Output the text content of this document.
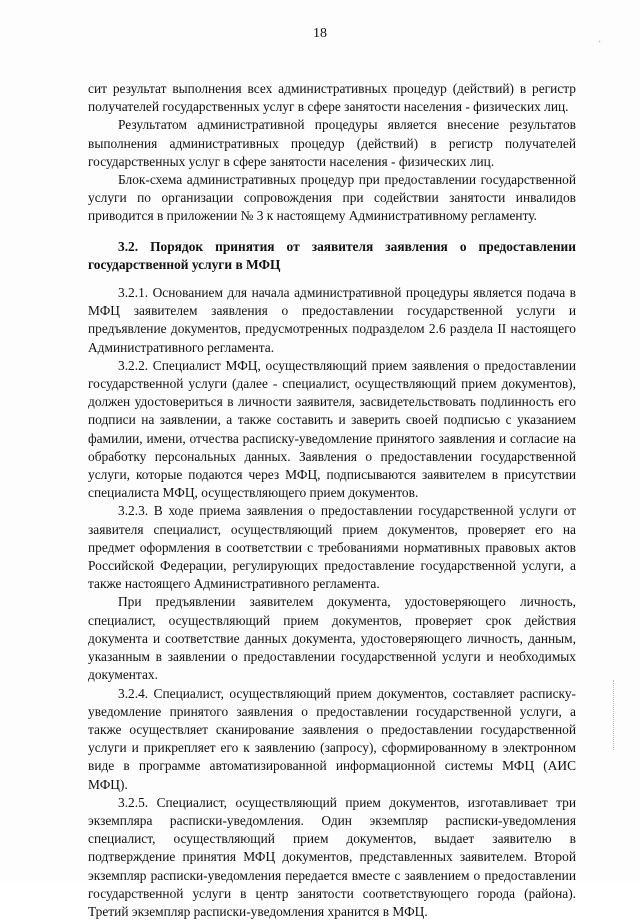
18
ʿ

сит результат выполнения всех административных процедур (действий) в регистр получателей государственных услуг в сфере занятости населения - физических лиц.

Результатом административной процедуры является внесение результатов выполнения административных процедур (действий) в регистр получателей государственных услуг в сфере занятости населения - физических лиц.

Блок-схема административных процедур при предоставлении государственной услуги по организации сопровождения при содействии занятости инвалидов приводится в приложении № 3 к настоящему Административному регламенту.

3.2. Порядок принятия от заявителя заявления о предоставлении государственной услуги в МФЦ

3.2.1. Основанием для начала административной процедуры является подача в МФЦ заявителем заявления о предоставлении государственной услуги и предъявление документов, предусмотренных подразделом 2.6 раздела II настоящего Административного регламента.

3.2.2. Специалист МФЦ, осуществляющий прием заявления о предоставлении государственной услуги (далее - специалист, осуществляющий прием документов), должен удостовериться в личности заявителя, засвидетельствовать подлинность его подписи на заявлении, а также составить и заверить своей подписью с указанием фамилии, имени, отчества расписку-уведомление принятого заявления и согласие на обработку персональных данных. Заявления о предоставлении государственной услуги, которые подаются через МФЦ, подписываются заявителем в присутствии специалиста МФЦ, осуществляющего прием документов.

3.2.3. В ходе приема заявления о предоставлении государственной услуги от заявителя специалист, осуществляющий прием документов, проверяет его на предмет оформления в соответствии с требованиями нормативных правовых актов Российской Федерации, регулирующих предоставление государственной услуги, а также настоящего Административного регламента.

При предъявлении заявителем документа, удостоверяющего личность, специалист, осуществляющий прием документов, проверяет срок действия документа и соответствие данных документа, удостоверяющего личность, данным, указанным в заявлении о предоставлении государственной услуги и необходимых документах.

3.2.4. Специалист, осуществляющий прием документов, составляет расписку-уведомление принятого заявления о предоставлении государственной услуги, а также осуществляет сканирование заявления о предоставлении государственной услуги и прикрепляет его к заявлению (запросу), сформированному в электронном виде в программе автоматизированной информационной системы МФЦ (АИС МФЦ).

3.2.5. Специалист, осуществляющий прием документов, изготавливает три экземпляра расписки-уведомления. Один экземпляр расписки-уведомления специалист, осуществляющий прием документов, выдает заявителю в подтверждение принятия МФЦ документов, представленных заявителем. Второй экземпляр расписки-уведомления передается вместе с заявлением о предоставлении государственной услуги в центр занятости соответствующего города (района). Третий экземпляр расписки-уведомления хранится в МФЦ.
